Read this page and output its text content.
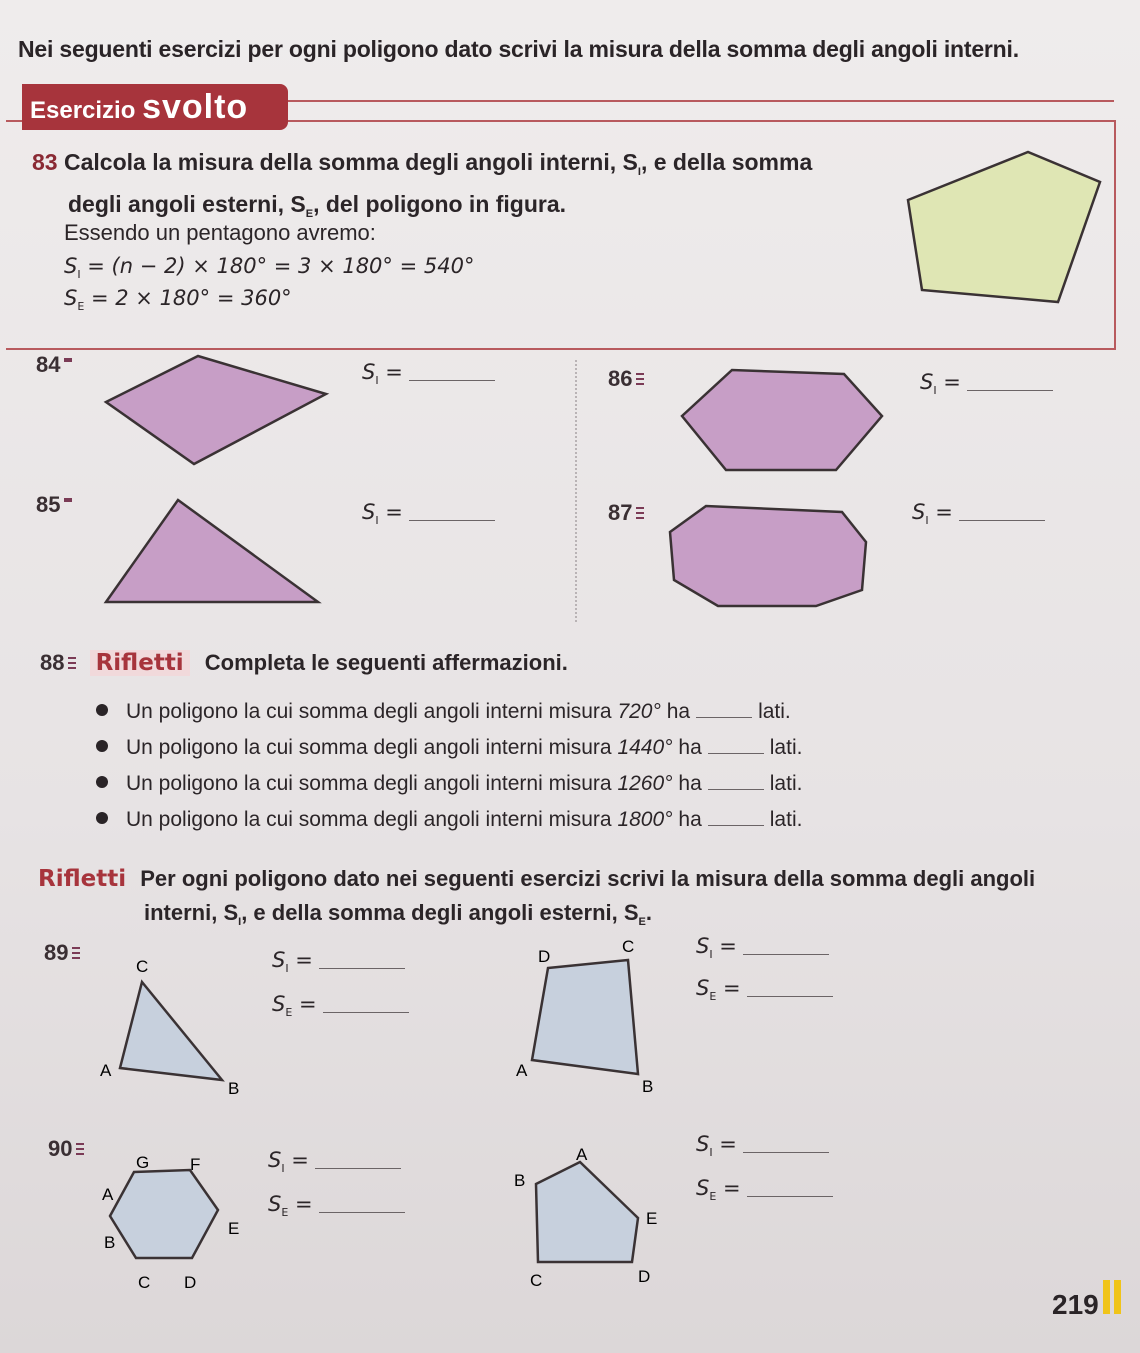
Nei seguenti esercizi per ogni poligono dato scrivi la misura della somma degli angoli interni.
Esercizio svolto
83 Calcola la misura della somma degli angoli interni, $S_I$, e della somma
degli angoli esterni, $S_E$, del poligono in figura.
Essendo un pentagono avremo:
$S_I = (n - 2) \times 180^\circ = 3 \times 180^\circ = 540^\circ$
$S_E = 2 \times 180^\circ = 360^\circ$
84	$S_I$ =
85	$S_I$ =
86	$S_I$ =
87	$S_I$ =
88 Rifletti Completa le seguenti affermazioni.
Un poligono la cui somma degli angoli interni misura 720° ha	lati.
Un poligono la cui somma degli angoli interni misura 1440° ha	lati.
Un poligono la cui somma degli angoli interni misura 1260° ha	lati.
Un poligono la cui somma degli angoli interni misura 1800° ha	lati.
Rifletti Per ogni poligono dato nei seguenti esercizi scrivi la misura della somma degli angoli
interni, $S_I$, e della somma degli angoli esterni, $S_E$.
89
C
A
B
$S_I$ =
$S_E$ =
D
C
A
B
$S_I$ =
$S_E$ =
90
G F
A
E
B
C D
$S_I$ =
$S_E$ =
A
B
E
C	D
$S_I$ =
$S_E$ =
219
